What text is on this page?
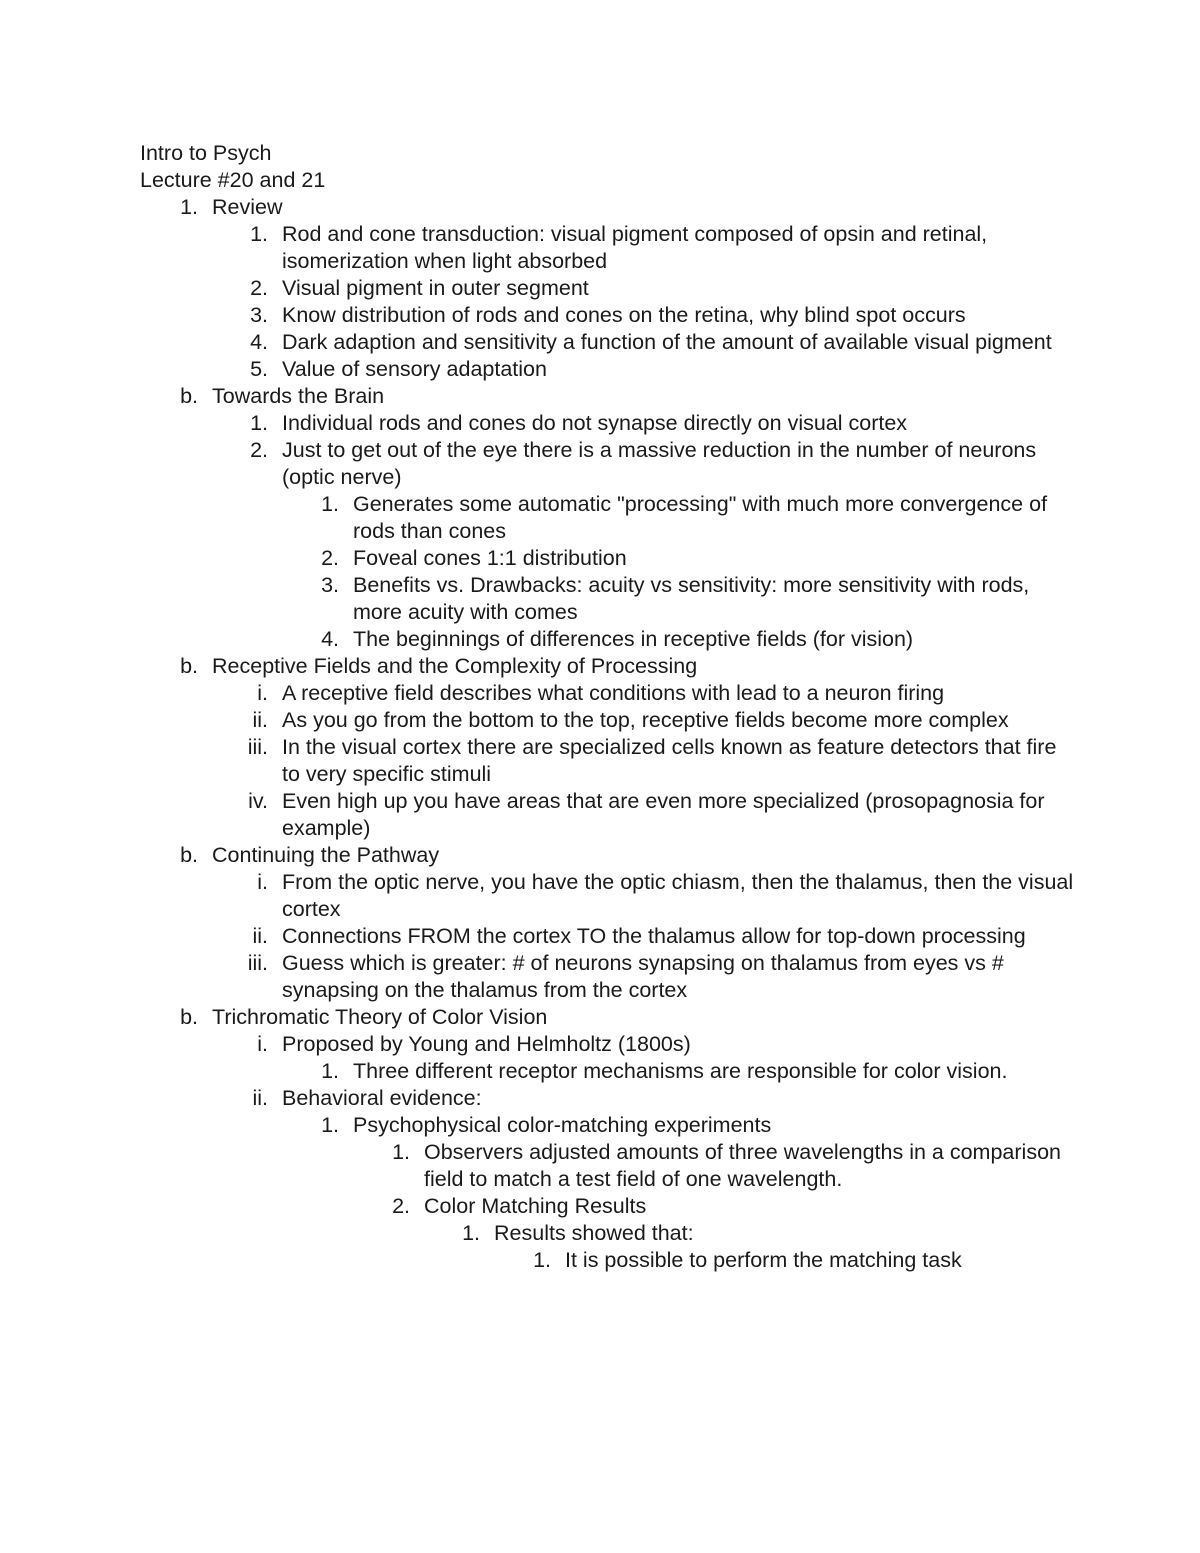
Intro to Psych
Lecture #20 and 21
1. Review
1. Rod and cone transduction: visual pigment composed of opsin and retinal, isomerization when light absorbed
2. Visual pigment in outer segment
3. Know distribution of rods and cones on the retina, why blind spot occurs
4. Dark adaption and sensitivity a function of the amount of available visual pigment
5. Value of sensory adaptation
b. Towards the Brain
1. Individual rods and cones do not synapse directly on visual cortex
2. Just to get out of the eye there is a massive reduction in the number of neurons (optic nerve)
1. Generates some automatic "processing" with much more convergence of rods than cones
2. Foveal cones 1:1 distribution
3. Benefits vs. Drawbacks: acuity vs sensitivity: more sensitivity with rods, more acuity with comes
4. The beginnings of differences in receptive fields (for vision)
b. Receptive Fields and the Complexity of Processing
i. A receptive field describes what conditions with lead to a neuron firing
ii. As you go from the bottom to the top, receptive fields become more complex
iii. In the visual cortex there are specialized cells known as feature detectors that fire to very specific stimuli
iv. Even high up you have areas that are even more specialized (prosopagnosia for example)
b. Continuing the Pathway
i. From the optic nerve, you have the optic chiasm, then the thalamus, then the visual cortex
ii. Connections FROM the cortex TO the thalamus allow for top-down processing
iii. Guess which is greater: # of neurons synapsing on thalamus from eyes vs # synapsing on the thalamus from the cortex
b. Trichromatic Theory of Color Vision
i. Proposed by Young and Helmholtz (1800s)
1. Three different receptor mechanisms are responsible for color vision.
ii. Behavioral evidence:
1. Psychophysical color-matching experiments
1. Observers adjusted amounts of three wavelengths in a comparison field to match a test field of one wavelength.
2. Color Matching Results
1. Results showed that:
1. It is possible to perform the matching task
